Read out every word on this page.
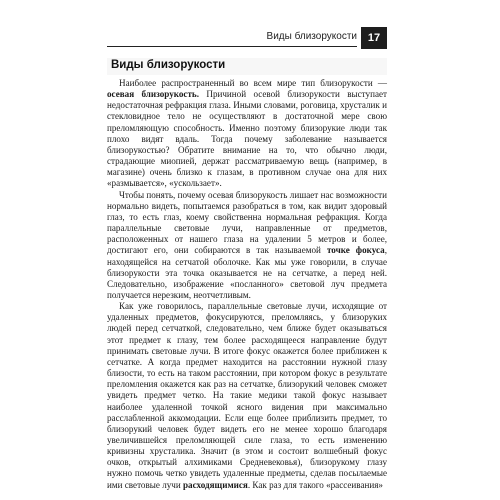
Виды близорукости 17
Виды близорукости

Наиболее распространенный во всем мире тип близорукости — осевая близорукость. Причиной осевой близорукости выступает недостаточная рефракция глаза. Иными словами, роговица, хрусталик и стекловидное тело не осуществляют в достаточной мере свою преломляющую способность. Именно поэтому близорукие люди так плохо видят вдаль. Тогда почему заболевание называется близорукостью? Обратите внимание на то, что обычно люди, страдающие миопией, держат рассматриваемую вещь (например, в магазине) очень близко к глазам, в противном случае она для них «размывается», «ускользает».

Чтобы понять, почему осевая близорукость лишает нас возможности нормально видеть, попытаемся разобраться в том, как видит здоровый глаз, то есть глаз, коему свойственна нормальная рефракция. Когда параллельные световые лучи, направленные от предметов, расположенных от нашего глаза на удалении 5 метров и более, достигают его, они собираются в так называемой точке фокуса, находящейся на сетчатой оболочке. Как мы уже говорили, в случае близорукости эта точка оказывается не на сетчатке, а перед ней. Следовательно, изображение «посланного» световой луч предмета получается нерезким, неотчетливым.

Как уже говорилось, параллельные световые лучи, исходящие от удаленных предметов, фокусируются, преломляясь, у близоруких людей перед сетчаткой, следовательно, чем ближе будет оказываться этот предмет к глазу, тем более расходящееся направление будут принимать световые лучи. В итоге фокус окажется более приближен к сетчатке. А когда предмет находится на расстоянии нужной глазу близости, то есть на таком расстоянии, при котором фокус в результате преломления окажется как раз на сетчатке, близорукий человек сможет увидеть предмет четко. На такие медики такой фокус называет наиболее удаленной точкой ясного видения при максимально расслабленной аккомодации. Если еще более приблизить предмет, то близорукий человек будет видеть его не менее хорошо благодаря увеличившейся преломляющей силе глаза, то есть изменению кривизны хрусталика. Значит (в этом и состоит волшебный фокус очков, открытый алхимиками Средневековья), близорукому глазу нужно помочь четко увидеть удаленные предметы, сделав посылаемые ими световые лучи расходящимися. Как раз для такого «рассеивания»
